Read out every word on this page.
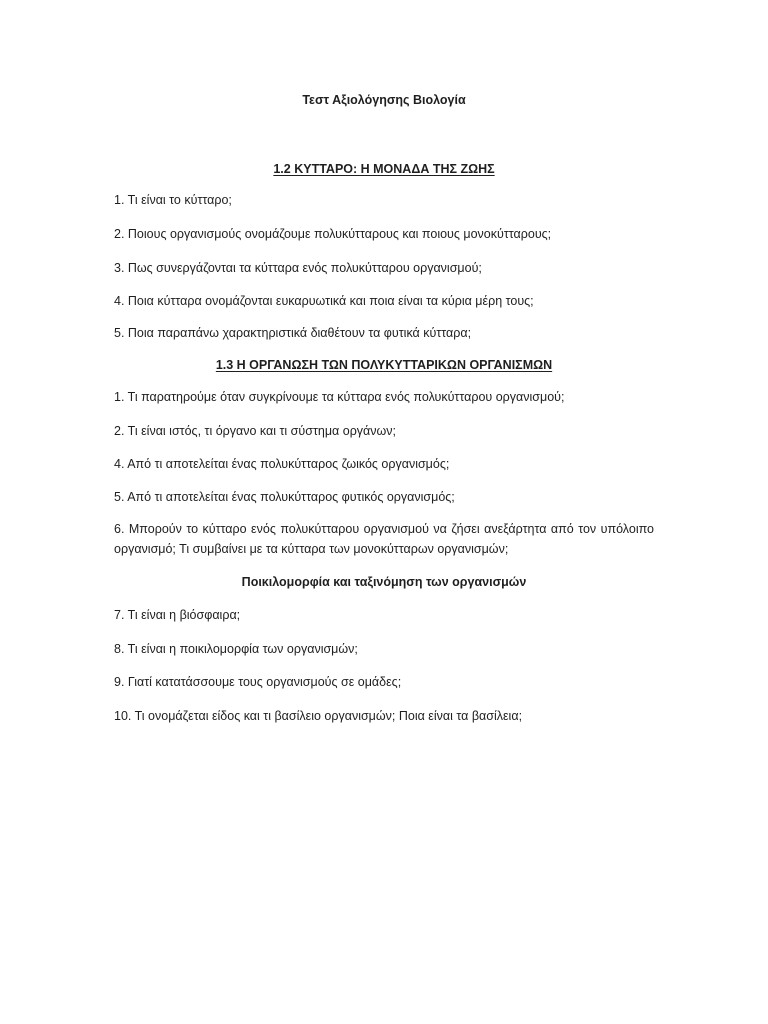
Τεστ Αξιολόγησης Βιολογία
1.2 ΚΥΤΤΑΡΟ: Η ΜΟΝΑΔΑ ΤΗΣ ΖΩΗΣ
1. Τι είναι το κύτταρο;
2. Ποιους οργανισμούς ονομάζουμε πολυκύτταρους και ποιους μονοκύτταρους;
3. Πως συνεργάζονται τα κύτταρα ενός πολυκύτταρου οργανισμού;
4. Ποια κύτταρα ονομάζονται ευκαρυωτικά και ποια είναι τα κύρια μέρη τους;
5. Ποια παραπάνω χαρακτηριστικά διαθέτουν τα φυτικά κύτταρα;
1.3 Η ΟΡΓΑΝΩΣΗ ΤΩΝ ΠΟΛΥΚΥΤΤΑΡΙΚΩΝ ΟΡΓΑΝΙΣΜΩΝ
1. Τι παρατηρούμε όταν συγκρίνουμε τα κύτταρα ενός πολυκύτταρου οργανισμού;
2. Τι είναι ιστός, τι όργανο και τι σύστημα οργάνων;
4. Από τι αποτελείται ένας πολυκύτταρος ζωικός οργανισμός;
5. Από τι αποτελείται ένας πολυκύτταρος φυτικός οργανισμός;
6. Μπορούν το κύτταρο ενός πολυκύτταρου οργανισμού να ζήσει ανεξάρτητα από τον υπόλοιπο οργανισμό; Τι συμβαίνει με τα κύτταρα των μονοκύτταρων οργανισμών;
Ποικιλομορφία και ταξινόμηση των οργανισμών
7. Τι είναι η βιόσφαιρα;
8. Τι είναι η ποικιλομορφία των οργανισμών;
9. Γιατί κατατάσσουμε τους οργανισμούς σε ομάδες;
10. Τι ονομάζεται είδος και τι βασίλειο οργανισμών; Ποια είναι τα βασίλεια;
